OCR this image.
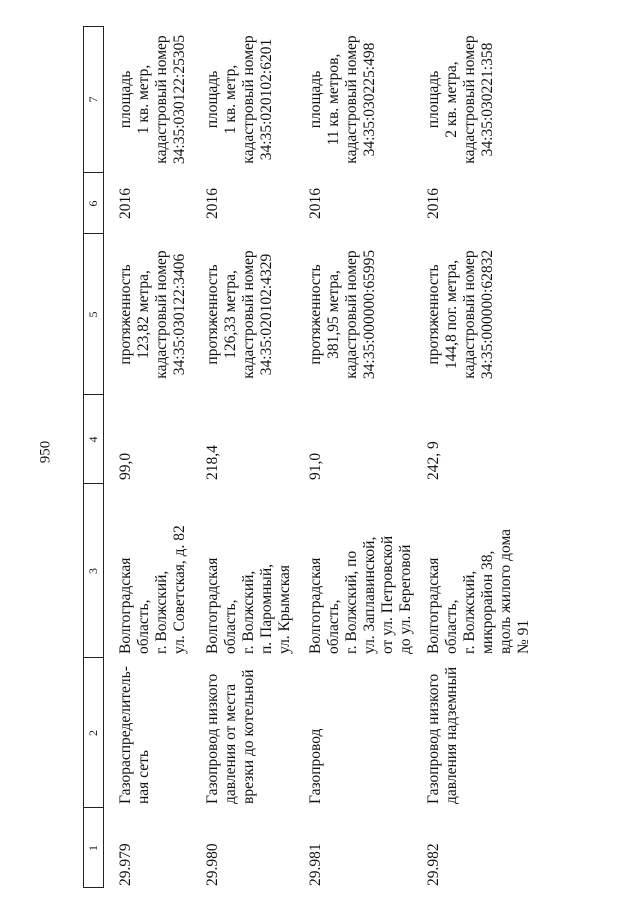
950
1
2
3
4
5
6
7
29.979
Газораспределитель-
ная сеть
Волгоградская
область,
г. Волжский,
ул. Советская, д. 82
99,0
протяженность
123,82 метра,
кадастровый номер
34:35:030122:3406
2016
площадь
1 кв. метр,
кадастровый номер
34:35:030122:25305
29.980
Газопровод низкого
давления от места
врезки до котельной
Волгоградская
область,
г. Волжский,
п. Паромный,
ул. Крымская
218,4
протяженность
126,33 метра,
кадастровый номер
34:35:020102:4329
2016
площадь
1 кв. метр,
кадастровый номер
34:35:020102:6201
29.981
Газопровод
Волгоградская
область,
г. Волжский, по
ул. Заплавинской,
от ул. Петровской
до ул. Береговой
91,0
протяженность
381,95 метра,
кадастровый номер
34:35:000000:65995
2016
площадь
11 кв. метров,
кадастровый номер
34:35:030225:498
29.982
Газопровод низкого
давления надземный
Волгоградская
область,
г. Волжский,
микрорайон 38,
вдоль жилого дома
№ 91
242, 9
протяженность
144,8 пог. метра,
кадастровый номер
34:35:000000:62832
2016
площадь
2 кв. метра,
кадастровый номер
34:35:030221:358
